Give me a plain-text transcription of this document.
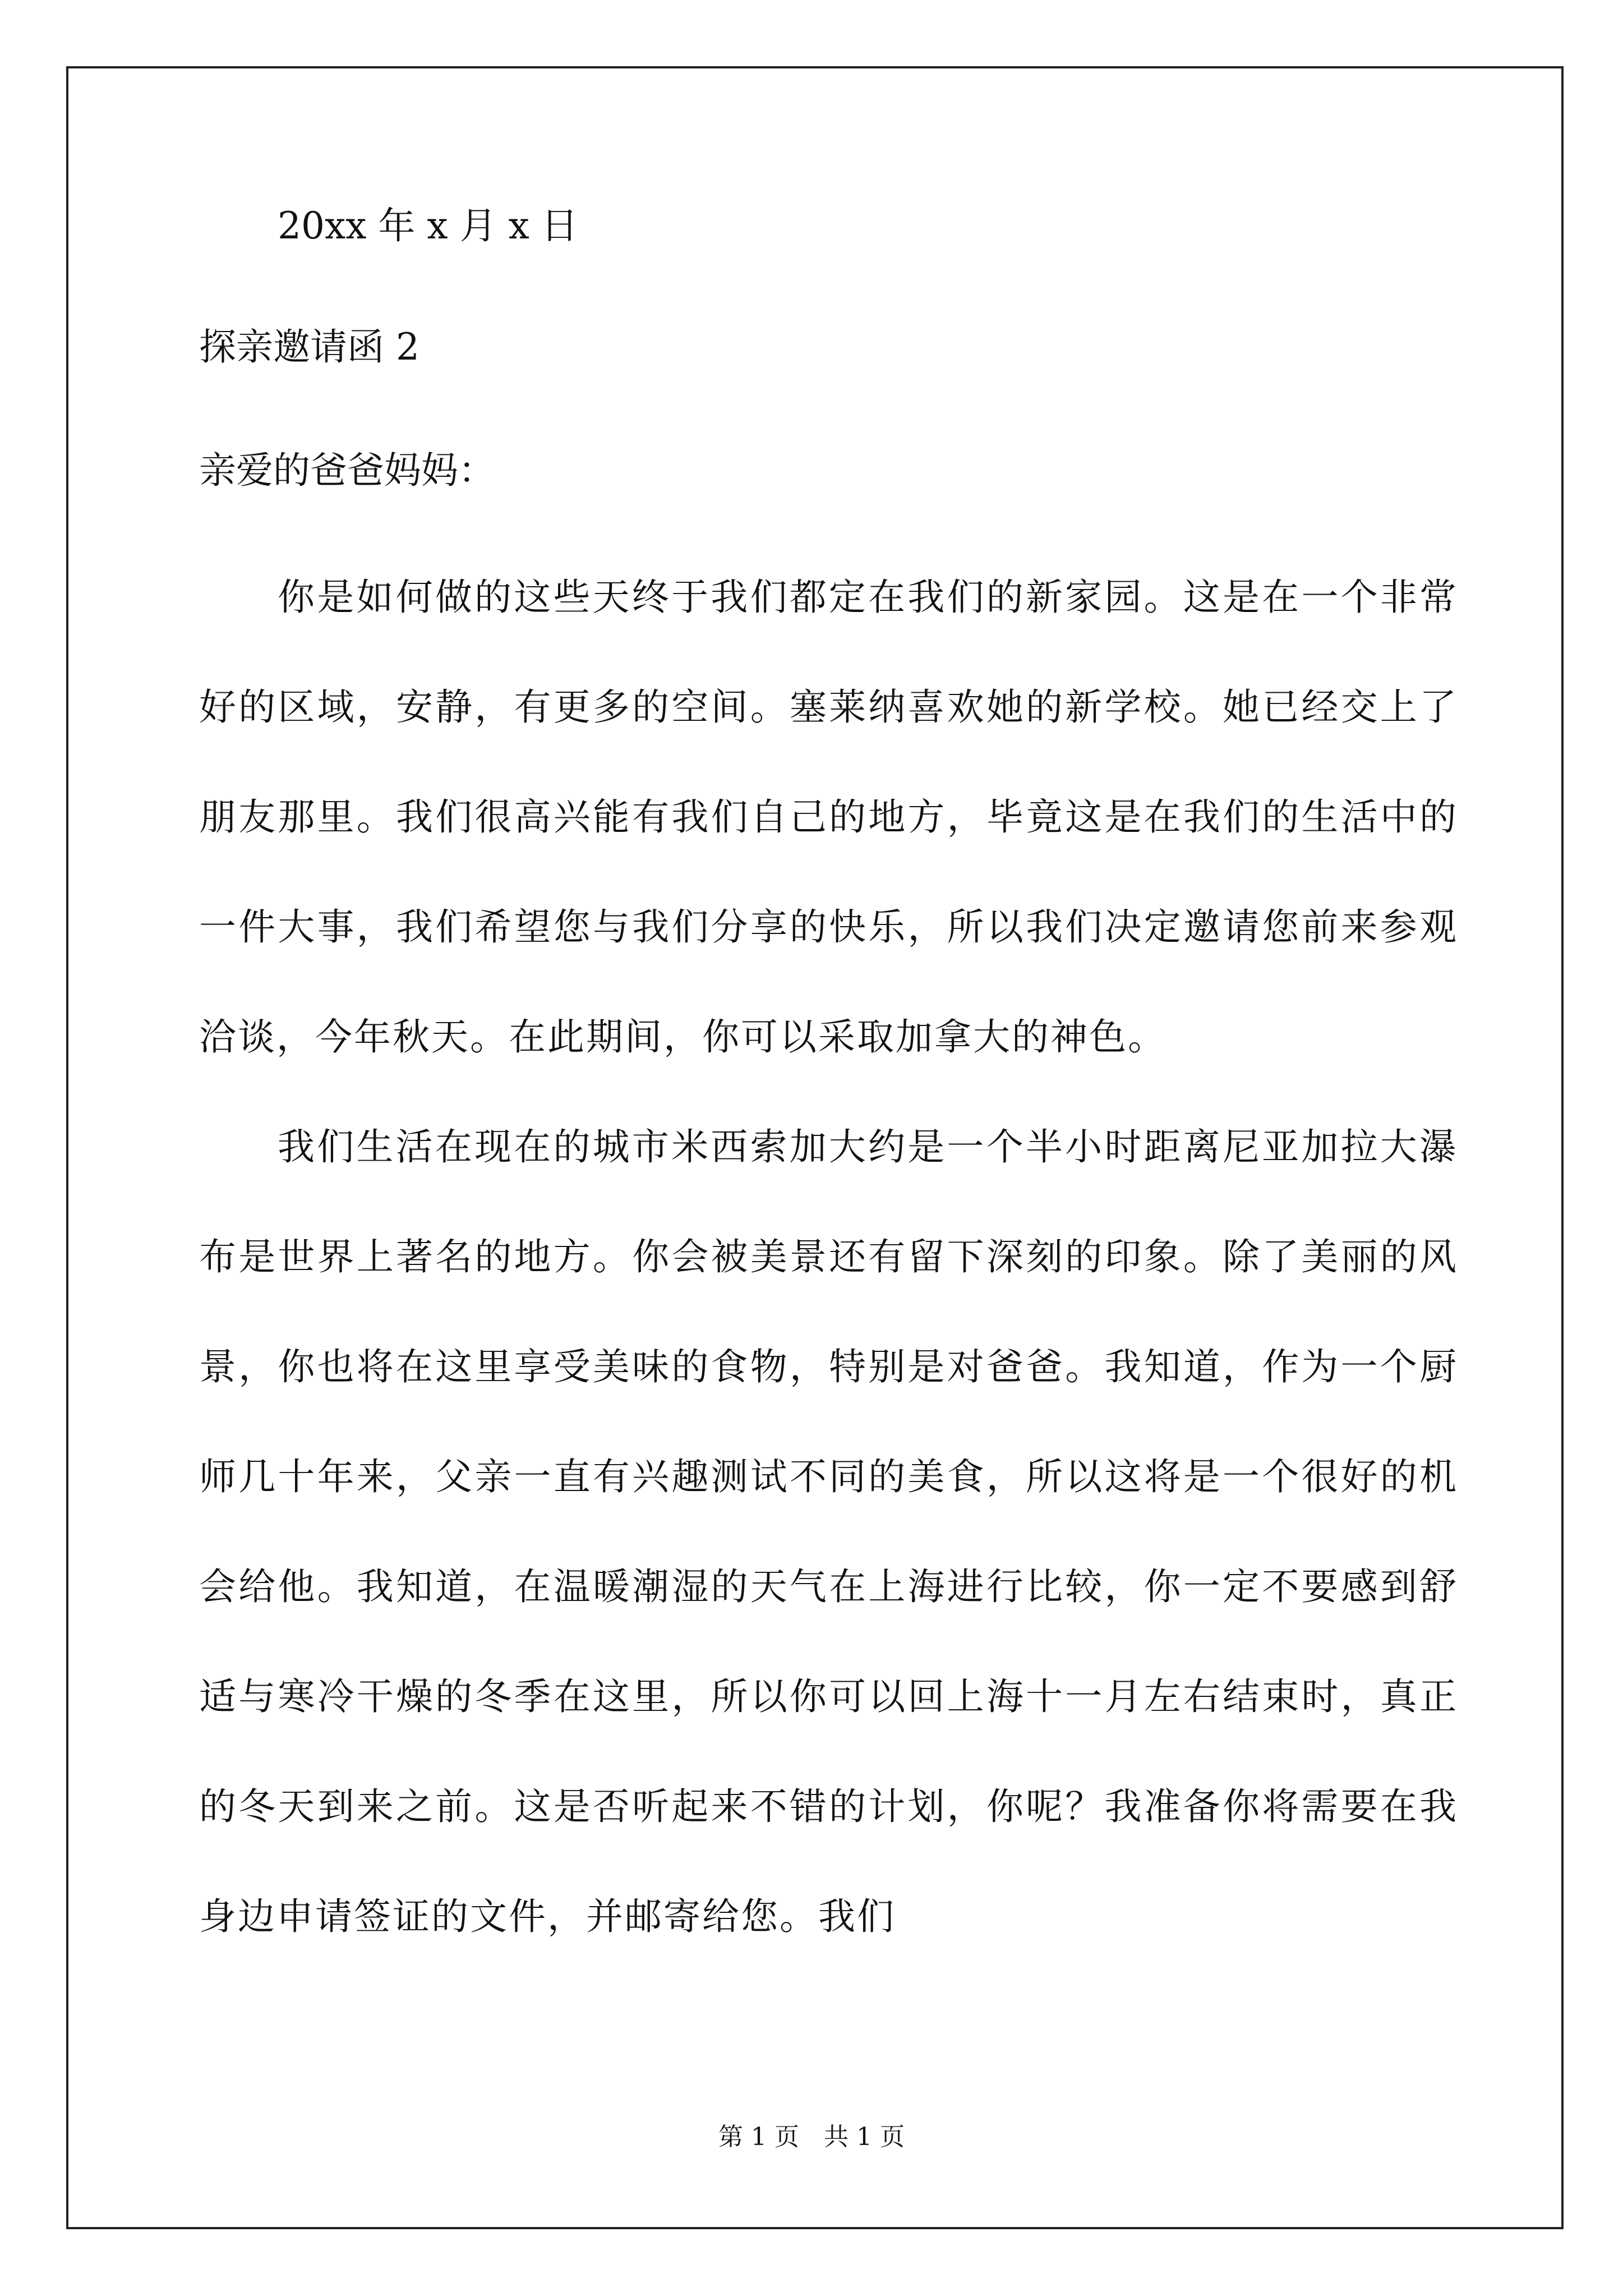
20xx 年 x 月 x 日

探亲邀请函 2

亲爱的爸爸妈妈：

你是如何做的这些天终于我们都定在我们的新家园。这是在一个非常好的区域，安静，有更多的空间。塞莱纳喜欢她的新学校。她已经交上了朋友那里。我们很高兴能有我们自己的地方，毕竟这是在我们的生活中的一件大事，我们希望您与我们分享的快乐，所以我们决定邀请您前来参观洽谈，今年秋天。在此期间，你可以采取加拿大的神色。

我们生活在现在的城市米西索加大约是一个半小时距离尼亚加拉大瀑布是世界上著名的地方。你会被美景还有留下深刻的印象。除了美丽的风景，你也将在这里享受美味的食物，特别是对爸爸。我知道，作为一个厨师几十年来，父亲一直有兴趣测试不同的美食，所以这将是一个很好的机会给他。我知道，在温暖潮湿的天气在上海进行比较，你一定不要感到舒适与寒冷干燥的冬季在这里，所以你可以回上海十一月左右结束时，真正的冬天到来之前。这是否听起来不错的计划，你呢？我准备你将需要在我身边申请签证的文件，并邮寄给您。我们

第 1 页　共 1 页
